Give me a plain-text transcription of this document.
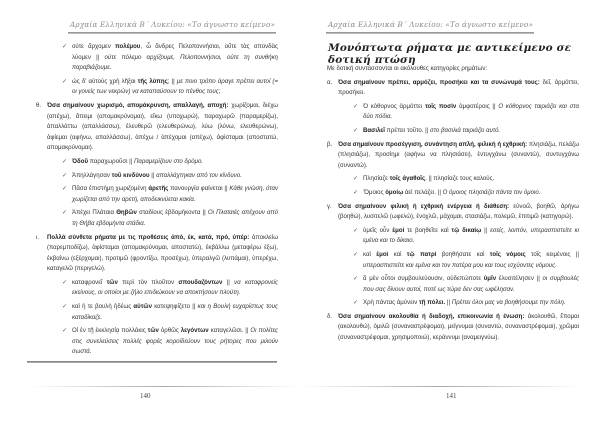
Αρχαία Ελληνικά Β΄ Λυκείου: «Το άγνωστο κείμενο»
✓ ούτε ἄρχομεν πολέμου, ὦ ἄνδρες Πελοποννήσιοι, οὔτε τὰς σπονδὰς λύομεν || ούτε πόλεμο αρχίζουμε, Πελοποννήσιοι, ούτε τη συνθήκη παραβιάζουμε.
✓ ὡς δ' αὐτοὺς χρὴ λῆξαι τῆς λύπης; || με ποιο τρόπο άραγε πρέπει αυτοί (= οι γονείς των νεκρών) να καταπαύσουν το πένθος τους;
θ. Όσα σημαίνουν χωρισμό, απομάκρυνση, απαλλαγή, αποχή: χωρίζομαι, διέχω (απέχω), ἄπειμι (απομακρύνομαι), εἴκω (υποχωρώ), παραχωρῶ (παραμερίζω), ἀπαλλάττω (απαλλάσσω), ἐλευθερῶ (ελευθερώνω), λύω (λύνω, ελευθερώνω), ἀφίεμαι (αφήνω, απαλλάσσω), ἀπέχω / ἀπέχομαι (απέχω), ἀφίσταμαι (αποστατώ, απομακρύνομαι).
✓ Ὁδοῦ παραχωροῦσι || Παραμερίζουν στο δρόμο.
✓ Ἀπηλλάγησαν τοῦ κινδύνου || απαλλάχτηκαν από τον κίνδυνο.
✓ Πᾶσα ἐπιστήμη χωριζομένη ἀρετῆς πανουργία φαίνεται || Κάθε γνώση, όταν χωρίζεται από την αρετή, αποδεικνύεται κακία.
✓ Ἀπέχει Πλάταια Θηβῶν σταδίους ἑβδομήκοντα || Οι Πλαταιές απέχουν από τη Θήβα εβδομήντα στάδια.
ι. Πολλά σύνθετα ρήματα με τις προθέσεις ἀπό, ἐκ, κατά, πρό, ὑπέρ: ἀποκλείω (παρεμποδίζω), ἀφίσταμαι (απομακρύνομαι, αποστατώ), ἐκβάλλω (μεταφέρω έξω), ἐκβαίνω (εξέρχομαι), προτιμῶ (φροντίζω, προσέχω), ὑπεραλγῶ (λυπάμαι), ὑπερέχω, καταγελῶ (περιγελώ).
✓ καταφρονεῖ τῶν περὶ τὸν πλοῦτον σπουδαζόντων || να καταφρονείς εκείνους, οι οποίοι με ζήλο επιδιώκουν να αποκτήσουν πλούτη.
✓ καὶ ἡ τε βουλὴ ἡδέως αὐτῶν κατεψηφίζετο || και η Βουλή ευχαρίστως τους καταδίκαζε.
✓ Οἱ ἐν τῇ ἐκκλησίᾳ πολλάκις τῶν ὀρθῶς λεγόντων καταγελῶσι. || Οι πολίτες στις συνελεύσεις πολλές φορές κοροϊδεύουν τους ρήτορες που μιλούν σωστά.
140
Αρχαία Ελληνικά Β΄ Λυκείου: «Το άγνωστο κείμενο»
Με δοτική συντάσσονται οι ακόλουθες κατηγορίες ρημάτων:
α. Όσα σημαίνουν πρέπει, αρμόζει, προσήκει και τα συνώνυμά τους: δεῖ, ἁρμόττει, προσήκει.
✓ Ὁ κόθορνος ἁρμόττει τοῖς ποσὶν ἀμφοτέροις || Ο κόθορνος ταιριάζει και στα δύο πόδια.
✓ Βασιλεῖ πρέπει τοῦτο. || στο βασιλιά ταιριάζει αυτό.
β. Όσα σημαίνουν προσέγγιση, συνάντηση απλή, φιλική ή εχθρική: πλησιάζω, πελάζω (πλησιάζω), προσίημι (αφήνω να πλησιάσει), ἐντυγχάνω (συναντώ), συντυγχάνω (συναντώ).
✓ Πλησίαζε τοῖς ἀγαθοῖς. || πλησίαζε τους καλούς.
✓ Ὅμοιος ὁμοίῳ ἀεὶ πελάζει. || Ο όμοιος πλησιάζει πάντα τον όμοιο.
γ. Όσα σημαίνουν φιλική ή εχθρική ενέργεια ή διάθεση: εὐνοῶ, βοηθῶ, ἀρήγω (βοηθώ), λυσιτελῶ (ωφελώ), ἐνοχλῶ, μάχομαι, στασιάζω, πολεμῶ, ἐπιτιμῶ (κατηγορώ).
✓ ὑμεῖς οὖν ἐμοί τε βοηθεῖτε καὶ τῷ δικαίῳ || εσείς, λοιπόν, υπερασπιστείτε κι εμένα και το δίκαιο.
✓ καὶ ἐμοὶ καὶ τῷ πατρὶ βοηθήσατε καὶ τοῖς νόμοις τοῖς κειμένοις || υπερασπιστείτε και εμένα και τον πατέρα μου και τους ισχύοντες νόμους.
✓ ἃ μὲν οὗτοι συμβουλεύουσιν, οὐδεπώποτε ὑμῖν ἐλυσιτέλησεν || οι συμβουλές που σας δίνουν αυτοί, ποτέ ως τώρα δεν σας ωφέλησαν.
✓ Χρὴ πάντας ἀμύνειν τῇ πόλει. || Πρέπει όλοι μας να βοηθήσουμε την πόλη.
δ. Όσα σημαίνουν ακολουθία ή διαδοχή, επικοινωνία ή ένωση: ἀκολουθῶ, ἕπομαι (ακολουθώ), ὁμιλῶ (συναναστρέφομαι), μείγνυμαι (συναντώ, συναναστρέφομαι), χρῶμαι (συναναστρέφομαι, χρησιμοποιώ), κεράννυμι (αναμειγνύω).
141
Μονόπτωτα ρήματα με αντικείμενο σε δοτική πτώση
